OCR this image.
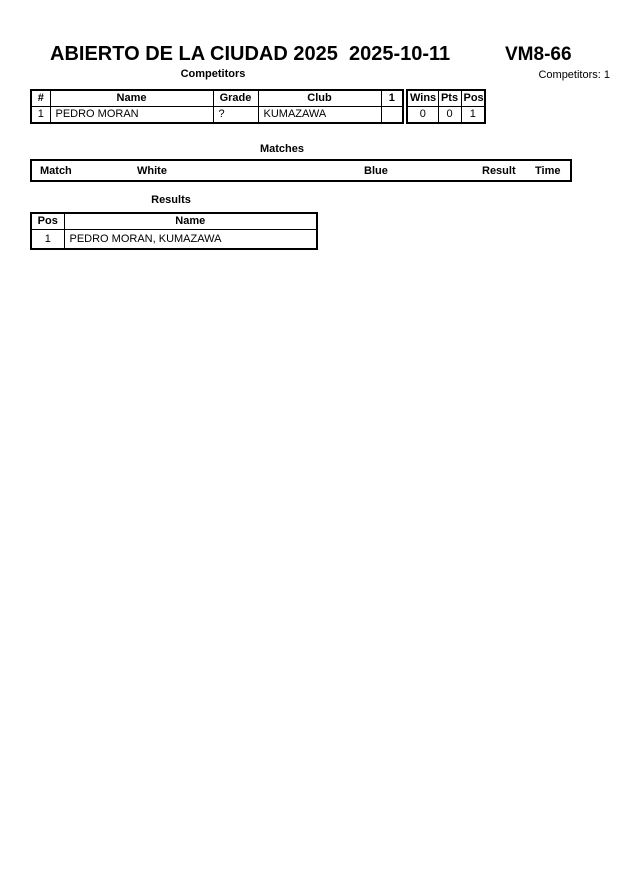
ABIERTO DE LA CIUDAD 2025  2025-10-11	VM8-66
Competitors	Competitors: 1
#	Name	Grade	Club	1
1	PEDRO MORAN	?	KUMAZAWA	
Wins	Pts	Pos
0	0	1
Matches
Match	White	Blue	Result Time
Results
Pos	Name
1	PEDRO MORAN, KUMAZAWA
